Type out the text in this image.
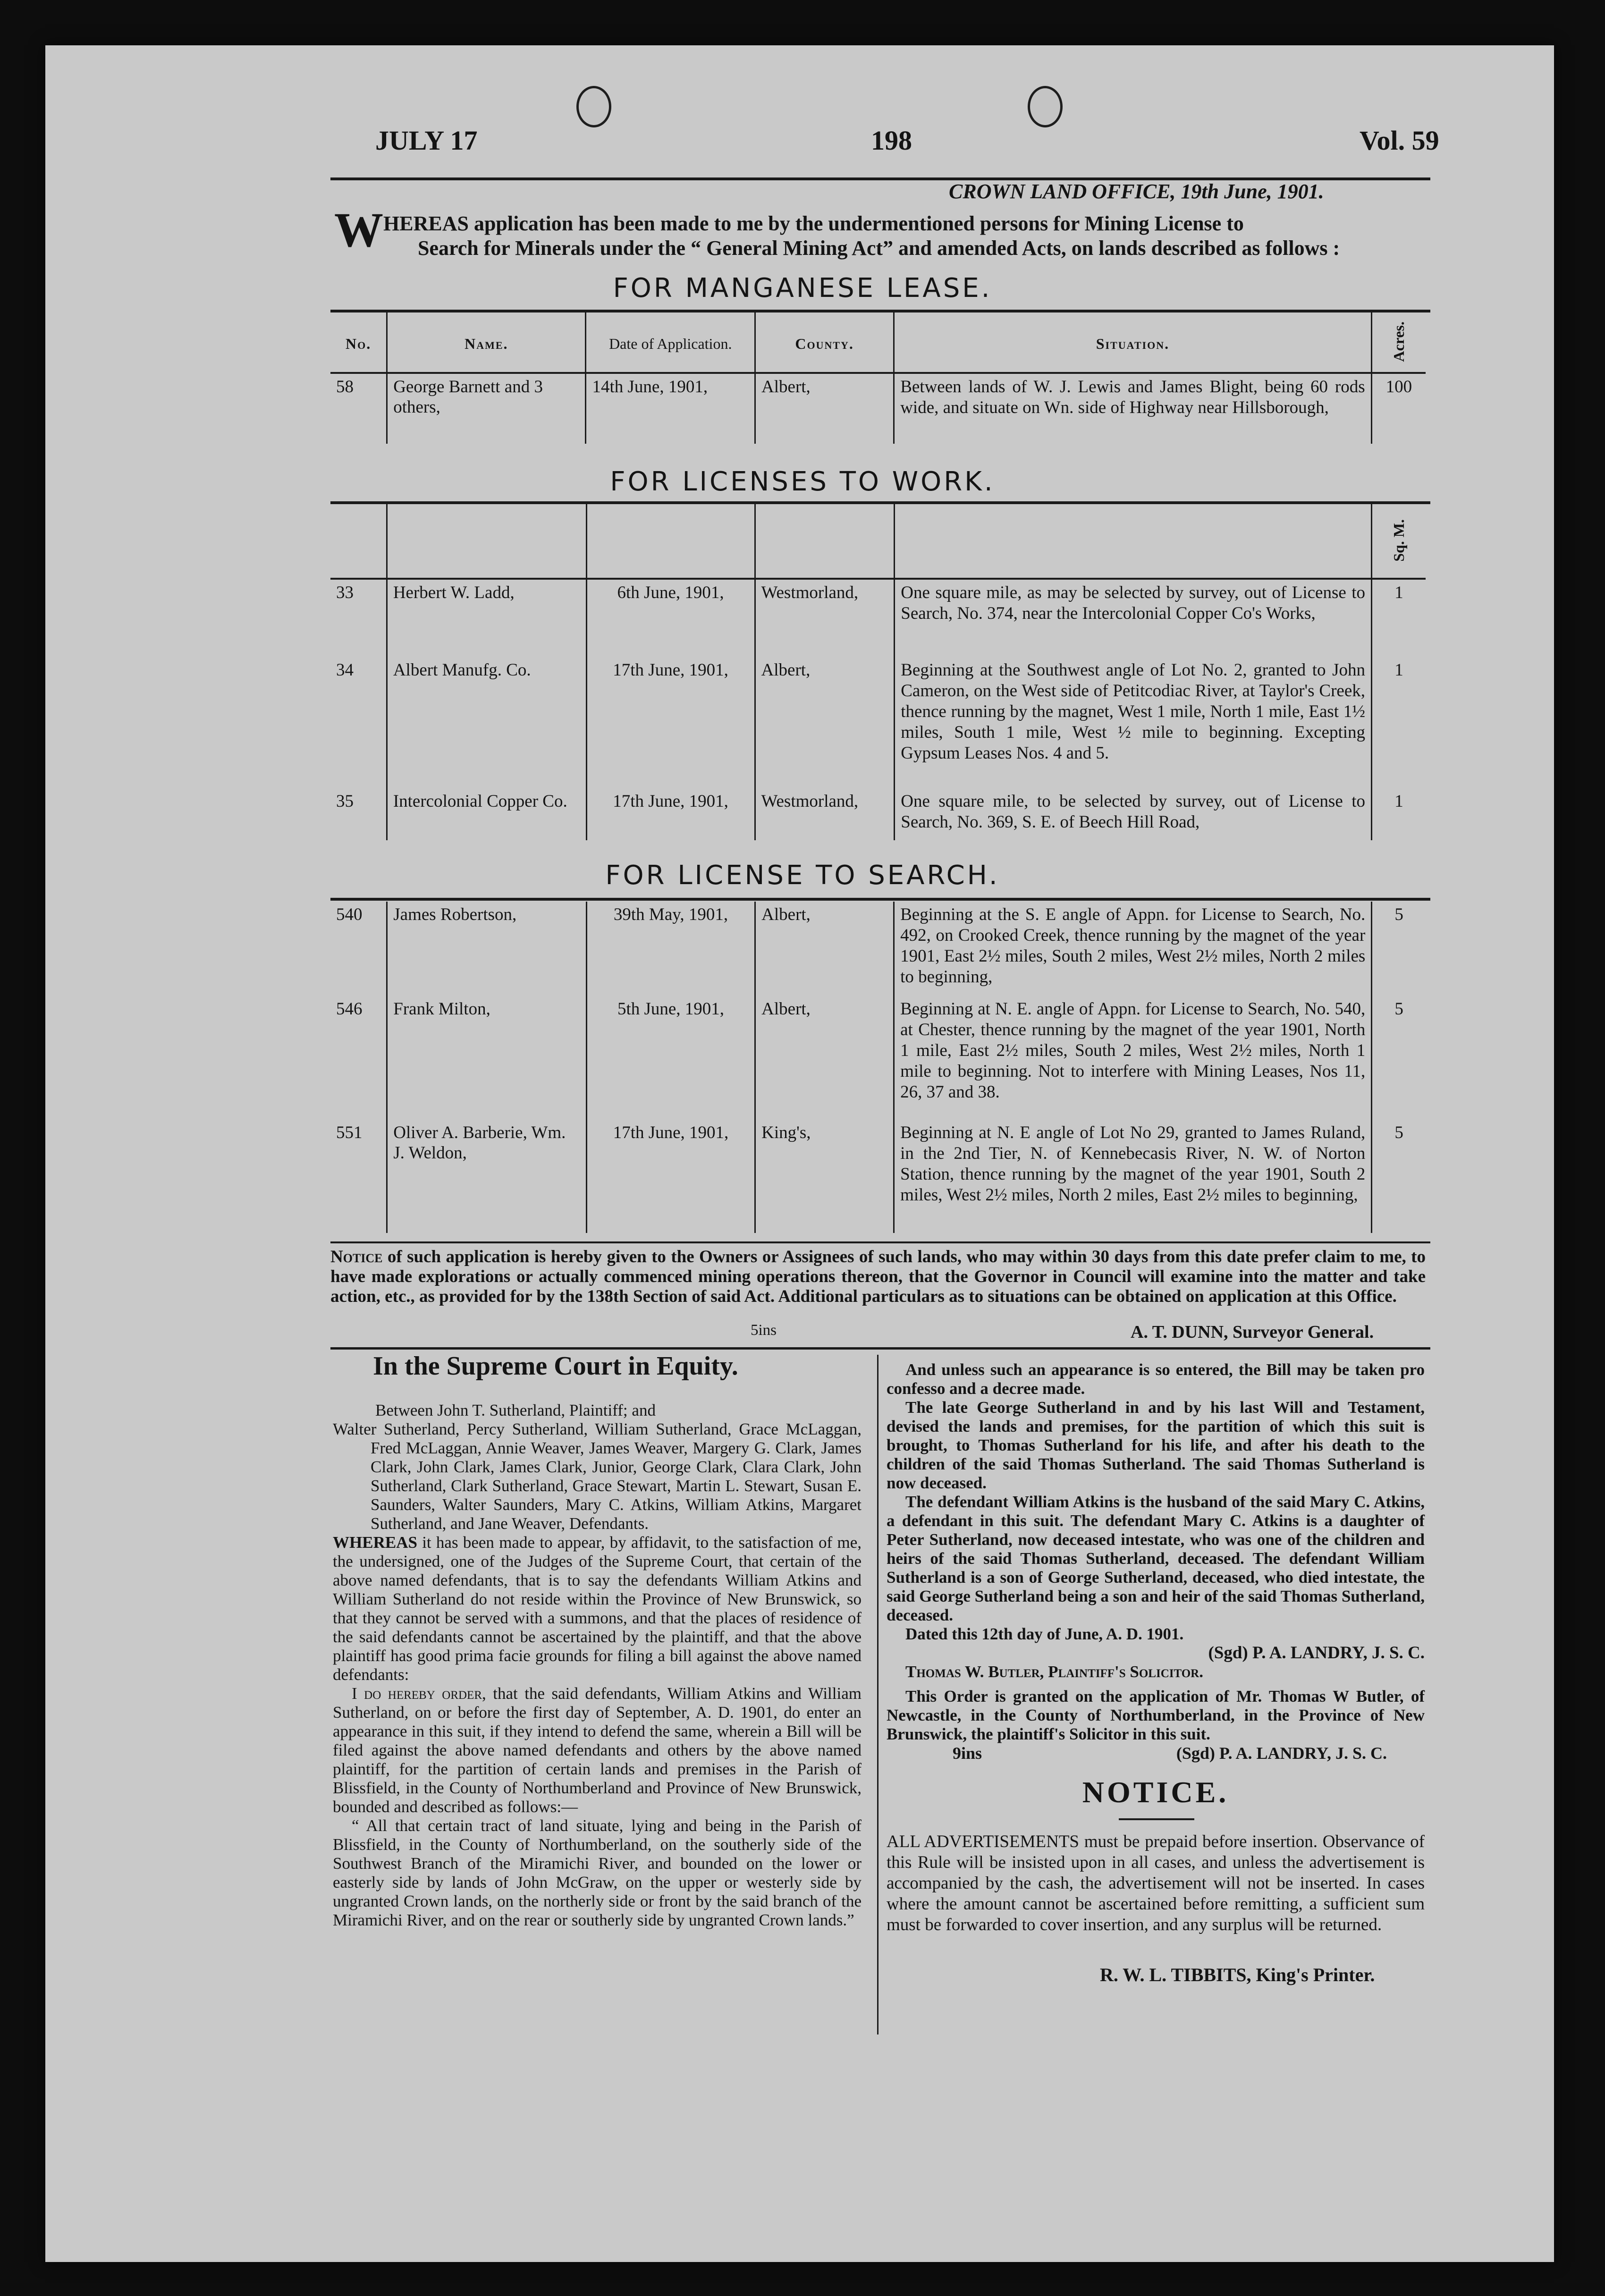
JULY 17	198	Vol. 59
CROWN LAND OFFICE, 19th June, 1901.
W HEREAS application has been made to me by the undermentioned persons for Mining License to
Search for Minerals under the “ General Mining Act” and amended Acts, on lands described as follows :
FOR MANGANESE LEASE.
No.	Name.	Date of Application.	County.	Situation.	Acres.
58	George Barnett and 3 others,	14th June, 1901,	Albert,	Between lands of W. J. Lewis and James Blight, being 60 rods wide, and situate on Wn. side of Highway near Hillsborough,	100
FOR LICENSES TO WORK.
					Sq. M.
33	Herbert W. Ladd,	6th June, 1901,	Westmorland,	One square mile, as may be selected by survey, out of License to Search, No. 374, near the Intercolonial Copper Co's Works,	1
34	Albert Manufg. Co.	17th June, 1901,	Albert,	Beginning at the Southwest angle of Lot No. 2, granted to John Cameron, on the West side of Petitcodiac River, at Taylor's Creek, thence running by the magnet, West 1 mile, North 1 mile, East 1½ miles, South 1 mile, West ½ mile to beginning. Excepting Gypsum Leases Nos. 4 and 5.	1
35	Intercolonial Copper Co.	17th June, 1901,	Westmorland,	One square mile, to be selected by survey, out of License to Search, No. 369, S. E. of Beech Hill Road,	1
FOR LICENSE TO SEARCH.
540	James Robertson,	39th May, 1901,	Albert,	Beginning at the S. E angle of Appn. for License to Search, No. 492, on Crooked Creek, thence running by the magnet of the year 1901, East 2½ miles, South 2 miles, West 2½ miles, North 2 miles to beginning,	5
546	Frank Milton,	5th June, 1901,	Albert,	Beginning at N. E. angle of Appn. for License to Search, No. 540, at Chester, thence running by the magnet of the year 1901, North 1 mile, East 2½ miles, South 2 miles, West 2½ miles, North 1 mile to beginning. Not to interfere with Mining Leases, Nos 11, 26, 37 and 38.	5
551	Oliver A. Barberie, Wm. J. Weldon,	17th June, 1901,	King's,	Beginning at N. E angle of Lot No 29, granted to James Ruland, in the 2nd Tier, N. of Kennebecasis River, N. W. of Norton Station, thence running by the magnet of the year 1901, South 2 miles, West 2½ miles, North 2 miles, East 2½ miles to beginning,	5
Notice of such application is hereby given to the Owners or Assignees of such lands, who may within 30 days from this date prefer claim to me, to have made explorations or actually commenced mining operations thereon, that the Governor in Council will examine into the matter and take action, etc., as provided for by the 138th Section of said Act. Additional particulars as to situations can be obtained on application at this Office.
5ins	A. T. DUNN, Surveyor General.
In the Supreme Court in Equity.

Between John T. Sutherland, Plaintiff; and

Walter Sutherland, Percy Sutherland, William Sutherland, Grace McLaggan, Fred McLaggan, Annie Weaver, James Weaver, Margery G. Clark, James Clark, John Clark, James Clark, Junior, George Clark, Clara Clark, John Sutherland, Clark Sutherland, Grace Stewart, Martin L. Stewart, Susan E. Saunders, Walter Saunders, Mary C. Atkins, William Atkins, Margaret Sutherland, and Jane Weaver, Defendants.

WHEREAS it has been made to appear, by affidavit, to the satisfaction of me, the undersigned, one of the Judges of the Supreme Court, that certain of the above named defendants, that is to say the defendants William Atkins and William Sutherland do not reside within the Province of New Brunswick, so that they cannot be served with a summons, and that the places of residence of the said defendants cannot be ascertained by the plaintiff, and that the above plaintiff has good prima facie grounds for filing a bill against the above named defendants:

I do hereby order, that the said defendants, William Atkins and William Sutherland, on or before the first day of September, A. D. 1901, do enter an appearance in this suit, if they intend to defend the same, wherein a Bill will be filed against the above named defendants and others by the above named plaintiff, for the partition of certain lands and premises in the Parish of Blissfield, in the County of Northumberland and Province of New Brunswick, bounded and described as follows:—

“ All that certain tract of land situate, lying and being in the Parish of Blissfield, in the County of Northumberland, on the southerly side of the Southwest Branch of the Miramichi River, and bounded on the lower or easterly side by lands of John McGraw, on the upper or westerly side by ungranted Crown lands, on the northerly side or front by the said branch of the Miramichi River, and on the rear or southerly side by ungranted Crown lands.”

And unless such an appearance is so entered, the Bill may be taken pro confesso and a decree made.

The late George Sutherland in and by his last Will and Testament, devised the lands and premises, for the partition of which this suit is brought, to Thomas Sutherland for his life, and after his death to the children of the said Thomas Sutherland. The said Thomas Sutherland is now deceased.

The defendant William Atkins is the husband of the said Mary C. Atkins, a defendant in this suit. The defendant Mary C. Atkins is a daughter of Peter Sutherland, now deceased intestate, who was one of the children and heirs of the said Thomas Sutherland, deceased. The defendant William Sutherland is a son of George Sutherland, deceased, who died intestate, the said George Sutherland being a son and heir of the said Thomas Sutherland, deceased.

Dated this 12th day of June, A. D. 1901.

(Sgd) P. A. LANDRY, J. S. C.

Thomas W. Butler, Plaintiff's Solicitor.

This Order is granted on the application of Mr. Thomas W Butler, of Newcastle, in the County of Northumberland, in the Province of New Brunswick, the plaintiff's Solicitor in this suit.

9ins	(Sgd) P. A. LANDRY, J. S. C.

NOTICE.

ALL ADVERTISEMENTS must be prepaid before insertion. Observance of this Rule will be insisted upon in all cases, and unless the advertisement is accompanied by the cash, the advertisement will not be inserted. In cases where the amount cannot be ascertained before remitting, a sufficient sum must be forwarded to cover insertion, and any surplus will be returned.

R. W. L. TIBBITS, King's Printer.
